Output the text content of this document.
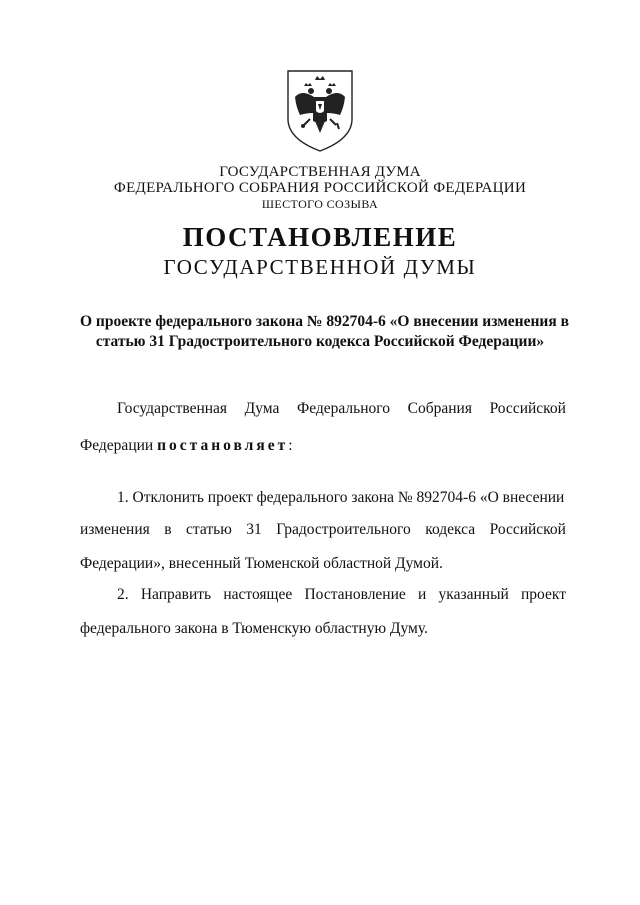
ГОСУДАРСТВЕННАЯ ДУМА
ФЕДЕРАЛЬНОГО СОБРАНИЯ РОССИЙСКОЙ ФЕДЕРАЦИИ
ШЕСТОГО СОЗЫВА
ПОСТАНОВЛЕНИЕ
ГОСУДАРСТВЕННОЙ ДУМЫ
О проекте федерального закона № 892704-6 «О внесении изменения в
статью 31 Градостроительного кодекса Российской Федерации»
Государственная Дума Федерального Собрания Российской
Федерации постановляет:
1. Отклонить проект федерального закона № 892704-6 «О внесении
изменения в статью 31 Градостроительного кодекса Российской
Федерации», внесенный Тюменской областной Думой.
2. Направить настоящее Постановление и указанный проект
федерального закона в Тюменскую областную Думу.
